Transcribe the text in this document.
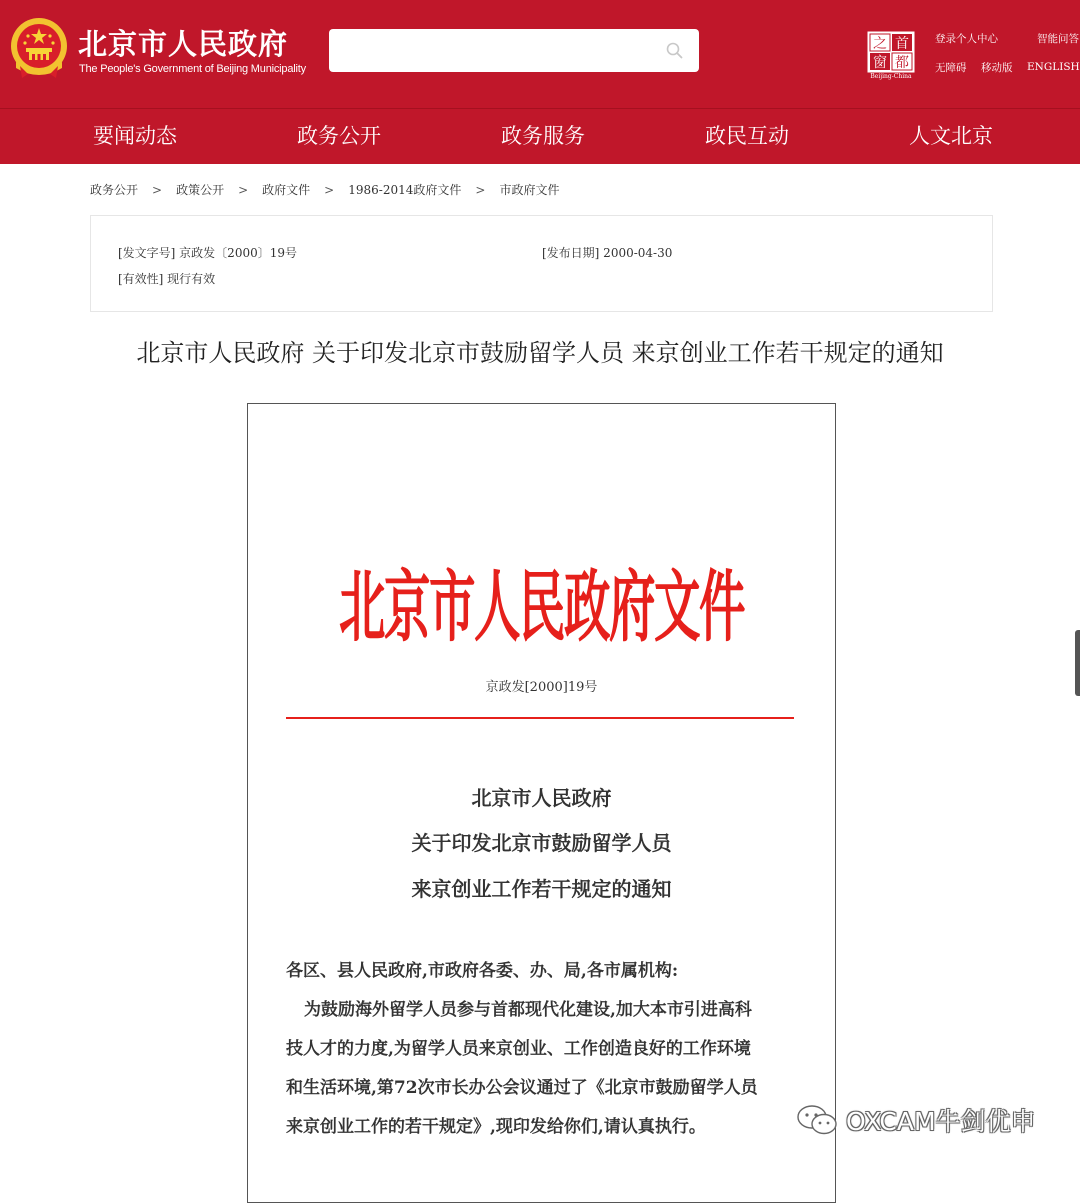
北京市人民政府
The People's Government of Beijing Municipality
之 首
窗 都
Beijing-China
登录个人中心	智能问答
无障碍 移动版 ENGLISH ▼
要闻动态	政务公开	政务服务	政民互动	人文北京
政务公开 > 政策公开 > 政府文件 > 1986-2014政府文件 > 市政府文件
[发文字号] 京政发〔2000〕19号	[发布日期] 2000-04-30
[有效性] 现行有效
北京市人民政府 关于印发北京市鼓励留学人员 来京创业工作若干规定的通知
北京市人民政府文件
京政发[2000]19号
北京市人民政府
关于印发北京市鼓励留学人员
来京创业工作若干规定的通知
各区、县人民政府,市政府各委、办、局,各市属机构:
为鼓励海外留学人员参与首都现代化建设,加大本市引进高科
技人才的力度,为留学人员来京创业、工作创造良好的工作环境
和生活环境,第72次市长办公会议通过了《北京市鼓励留学人员
来京创业工作的若干规定》,现印发给你们,请认真执行。	OXCAM牛剑优申
